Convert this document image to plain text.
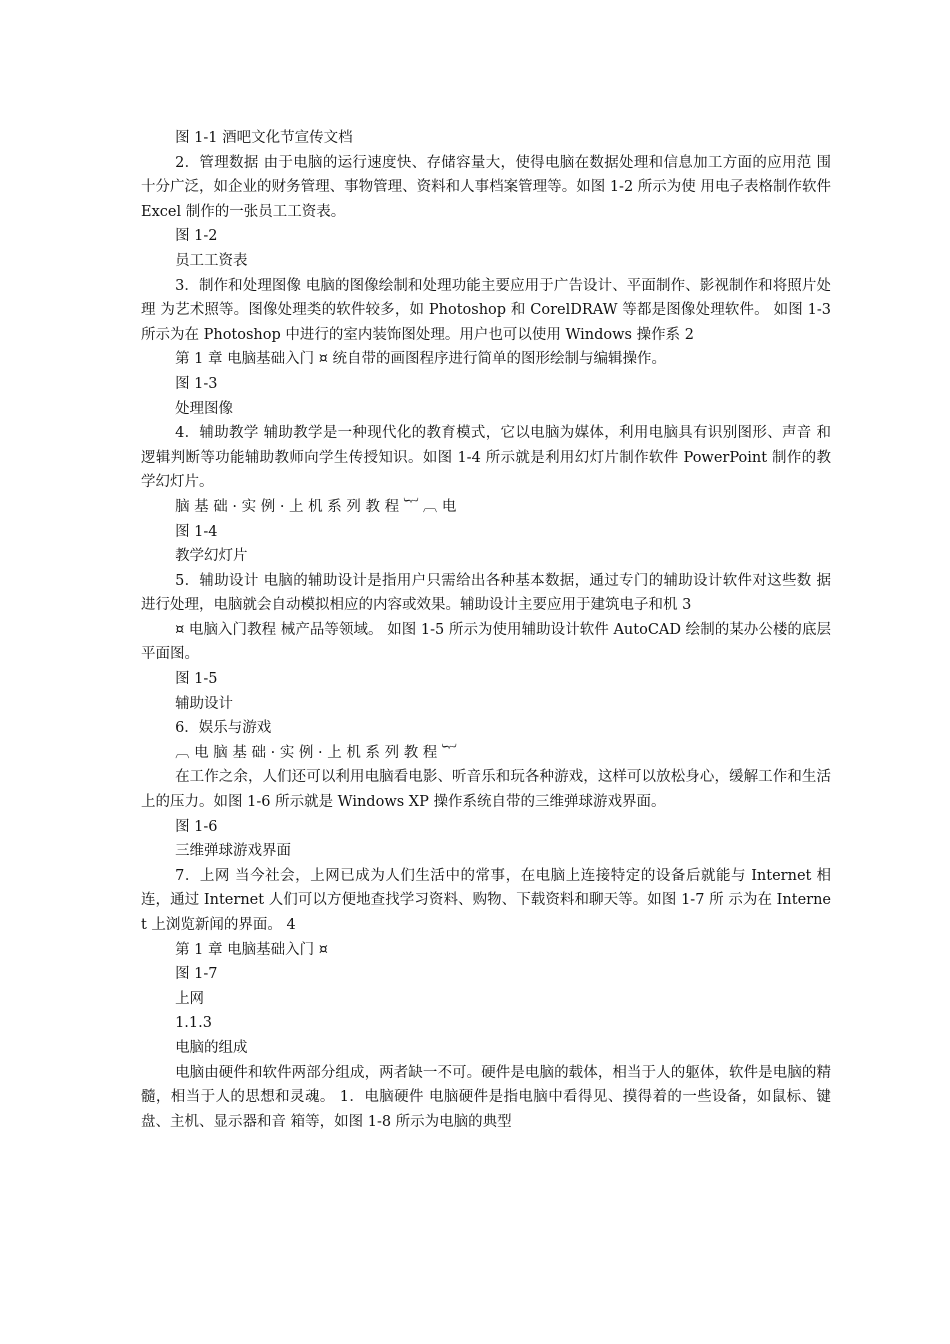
图 1-1 酒吧文化节宣传文档

2．管理数据 由于电脑的运行速度快、存储容量大，使得电脑在数据处理和信息加工方面的应用范 围十分广泛，如企业的财务管理、事物管理、资料和人事档案管理等。如图 1-2 所示为使 用电子表格制作软件 Excel 制作的一张员工工资表。

图 1-2

员工工资表

3．制作和处理图像 电脑的图像绘制和处理功能主要应用于广告设计、平面制作、影视制作和将照片处理 为艺术照等。图像处理类的软件较多，如 Photoshop 和 CorelDRAW 等都是图像处理软件。 如图 1-3 所示为在 Photoshop 中进行的室内装饰图处理。用户也可以使用 Windows 操作系 2

第 1 章 电脑基础入门 ¤ 统自带的画图程序进行简单的图形绘制与编辑操作。

图 1-3

处理图像

4．辅助教学 辅助教学是一种现代化的教育模式，它以电脑为媒体，利用电脑具有识别图形、声音 和逻辑判断等功能辅助教师向学生传授知识。如图 1-4 所示就是利用幻灯片制作软件 PowerPoint 制作的教学幻灯片。

脑 基 础 · 实 例 · 上 机 系 列 教 程 ︸ ︹ 电

图 1-4

教学幻灯片

5．辅助设计 电脑的辅助设计是指用户只需给出各种基本数据，通过专门的辅助设计软件对这些数 据进行处理，电脑就会自动模拟相应的内容或效果。辅助设计主要应用于建筑电子和机 3

¤ 电脑入门教程 械产品等领域。 如图 1-5 所示为使用辅助设计软件 AutoCAD 绘制的某办公楼的底层平面图。

图 1-5

辅助设计

6．娱乐与游戏

︹ 电 脑 基 础 · 实 例 · 上 机 系 列 教 程 ︸

在工作之余，人们还可以利用电脑看电影、听音乐和玩各种游戏，这样可以放松身心，缓解工作和生活上的压力。如图 1-6 所示就是 Windows XP 操作系统自带的三维弹球游戏界面。

图 1-6

三维弹球游戏界面

7．上网 当今社会，上网已成为人们生活中的常事，在电脑上连接特定的设备后就能与 Internet 相连，通过 Internet 人们可以方便地查找学习资料、购物、下载资料和聊天等。如图 1-7 所 示为在 Internet 上浏览新闻的界面。 4

第 1 章 电脑基础入门 ¤

图 1-7

上网

1.1.3

电脑的组成

电脑由硬件和软件两部分组成，两者缺一不可。硬件是电脑的载体，相当于人的躯体，软件是电脑的精髓，相当于人的思想和灵魂。 1．电脑硬件 电脑硬件是指电脑中看得见、摸得着的一些设备，如鼠标、键盘、主机、显示器和音 箱等，如图 1-8 所示为电脑的典型
